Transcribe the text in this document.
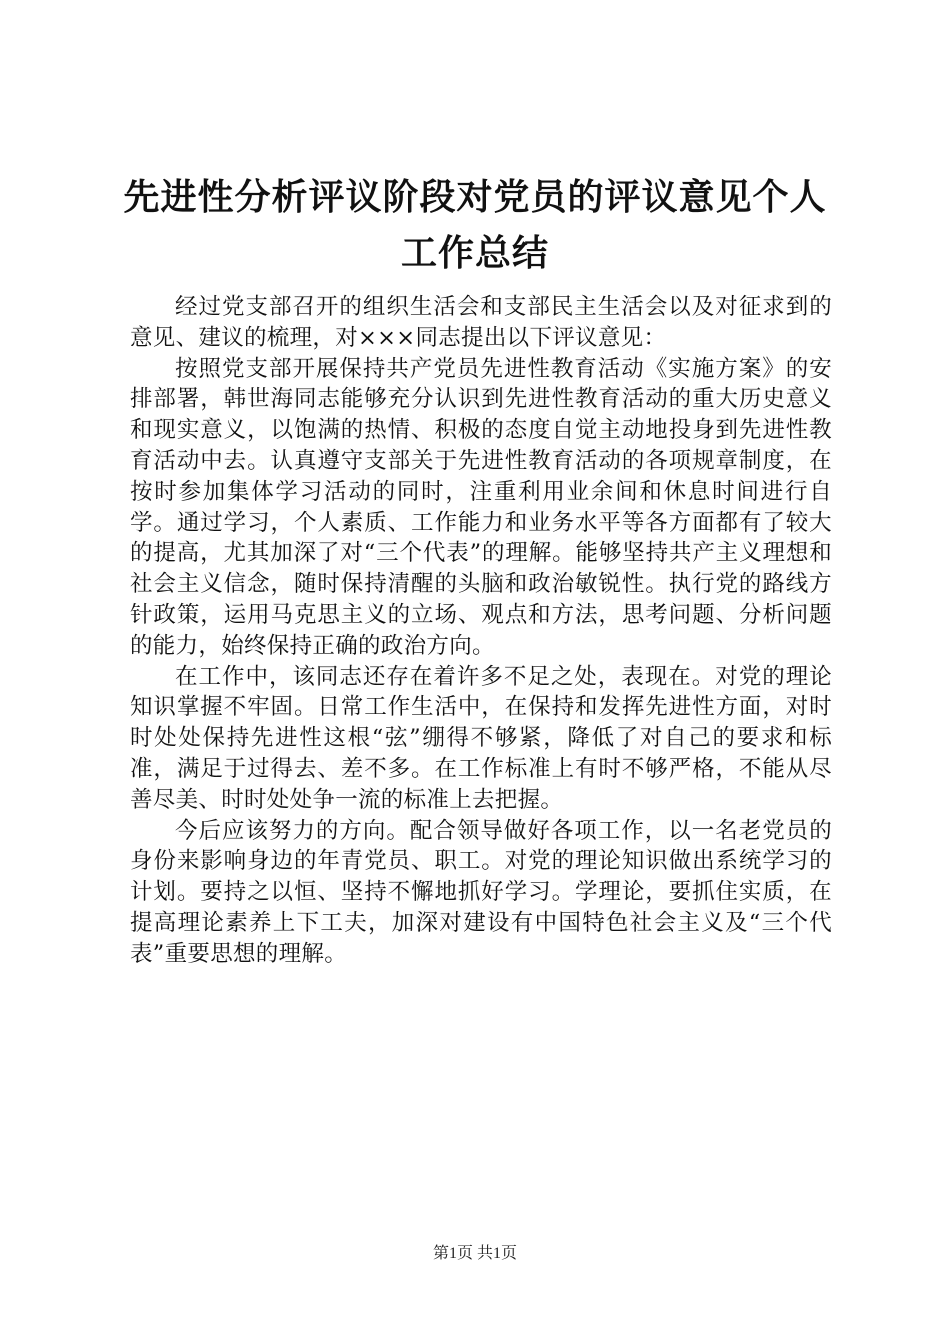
先进性分析评议阶段对党员的评议意见个人工作总结

经过党支部召开的组织生活会和支部民主生活会以及对征求到的意见、建议的梳理，对×××同志提出以下评议意见：

按照党支部开展保持共产党员先进性教育活动《实施方案》的安排部署，韩世海同志能够充分认识到先进性教育活动的重大历史意义和现实意义，以饱满的热情、积极的态度自觉主动地投身到先进性教育活动中去。认真遵守支部关于先进性教育活动的各项规章制度，在按时参加集体学习活动的同时，注重利用业余间和休息时间进行自学。通过学习，个人素质、工作能力和业务水平等各方面都有了较大的提高，尤其加深了对“三个代表”的理解。能够坚持共产主义理想和社会主义信念，随时保持清醒的头脑和政治敏锐性。执行党的路线方针政策，运用马克思主义的立场、观点和方法，思考问题、分析问题的能力，始终保持正确的政治方向。

在工作中，该同志还存在着许多不足之处，表现在。对党的理论知识掌握不牢固。日常工作生活中，在保持和发挥先进性方面，对时时处处保持先进性这根“弦”绷得不够紧，降低了对自己的要求和标准，满足于过得去、差不多。在工作标准上有时不够严格，不能从尽善尽美、时时处处争一流的标准上去把握。

今后应该努力的方向。配合领导做好各项工作，以一名老党员的身份来影响身边的年青党员、职工。对党的理论知识做出系统学习的计划。要持之以恒、坚持不懈地抓好学习。学理论，要抓住实质，在提高理论素养上下工夫，加深对建设有中国特色社会主义及“三个代表”重要思想的理解。

第1页 共1页
